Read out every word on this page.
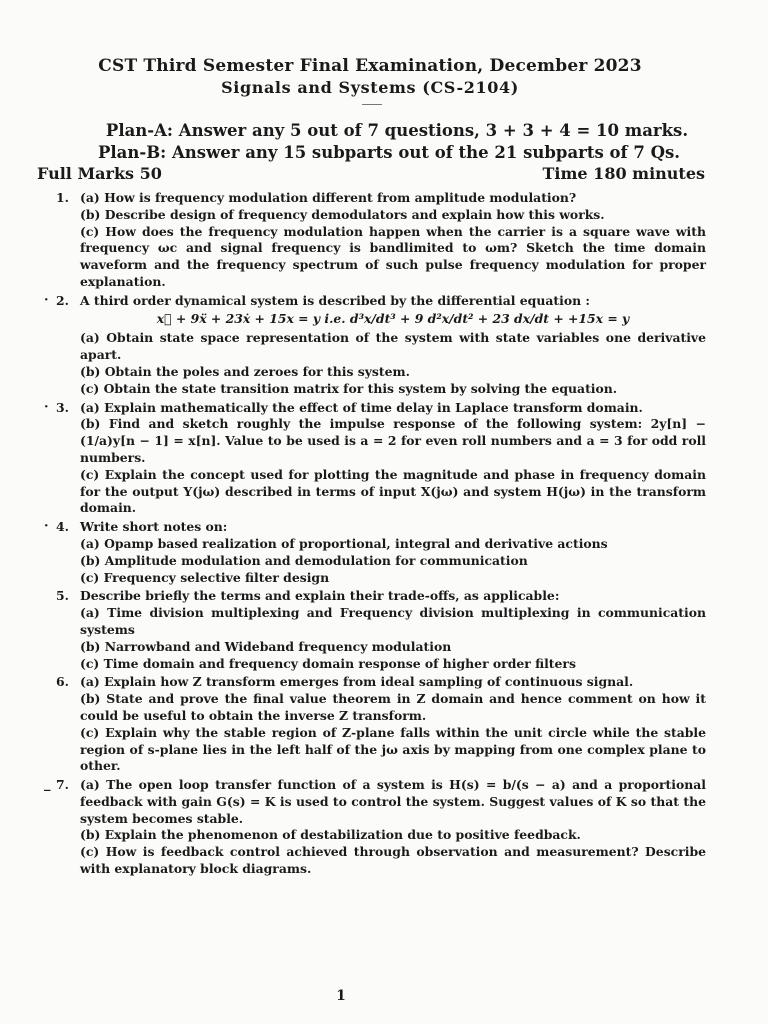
CST Third Semester Final Examination, December 2023
Signals and Systems (CS-2104)
Plan-A: Answer any 5 out of 7 questions, 3 + 3 + 4 = 10 marks.
Plan-B: Answer any 15 subparts out of the 21 subparts of 7 Qs.
Full Marks 50	Time 180 minutes
1. (a) How is frequency modulation different from amplitude modulation?

(b) Describe design of frequency demodulators and explain how this works.

(c) How does the frequency modulation happen when the carrier is a square wave with frequency ωc and signal frequency is bandlimited to ωm? Sketch the time domain waveform and the frequency spectrum of such pulse frequency modulation for proper explanation.

· 2. A third order dynamical system is described by the differential equation :

x⃛ + 9ẍ + 23ẋ + 15x = y i.e. d³x/dt³ + 9 d²x/dt² + 23 dx/dt + +15x = y

(a) Obtain state space representation of the system with state variables one derivative apart.

(b) Obtain the poles and zeroes for this system.

(c) Obtain the state transition matrix for this system by solving the equation.

· 3. (a) Explain mathematically the effect of time delay in Laplace transform domain.

(b) Find and sketch roughly the impulse response of the following system: 2y[n] − (1/a)y[n − 1] = x[n]. Value to be used is a = 2 for even roll numbers and a = 3 for odd roll numbers.

(c) Explain the concept used for plotting the magnitude and phase in frequency domain for the output Y(jω) described in terms of input X(jω) and system H(jω) in the transform domain.

· 4. Write short notes on:

(a) Opamp based realization of proportional, integral and derivative actions

(b) Amplitude modulation and demodulation for communication

(c) Frequency selective filter design

5. Describe briefly the terms and explain their trade-offs, as applicable:

(a) Time division multiplexing and Frequency division multiplexing in communication systems

(b) Narrowband and Wideband frequency modulation

(c) Time domain and frequency domain response of higher order filters

6. (a) Explain how Z transform emerges from ideal sampling of continuous signal.

(b) State and prove the final value theorem in Z domain and hence comment on how it could be useful to obtain the inverse Z transform.

(c) Explain why the stable region of Z-plane falls within the unit circle while the stable region of s-plane lies in the left half of the jω axis by mapping from one complex plane to other.

_ 7. (a) The open loop transfer function of a system is H(s) = b/(s − a) and a proportional feedback with gain G(s) = K is used to control the system. Suggest values of K so that the system becomes stable.

(b) Explain the phenomenon of destabilization due to positive feedback.

(c) How is feedback control achieved through observation and measurement? Describe with explanatory block diagrams.

1
